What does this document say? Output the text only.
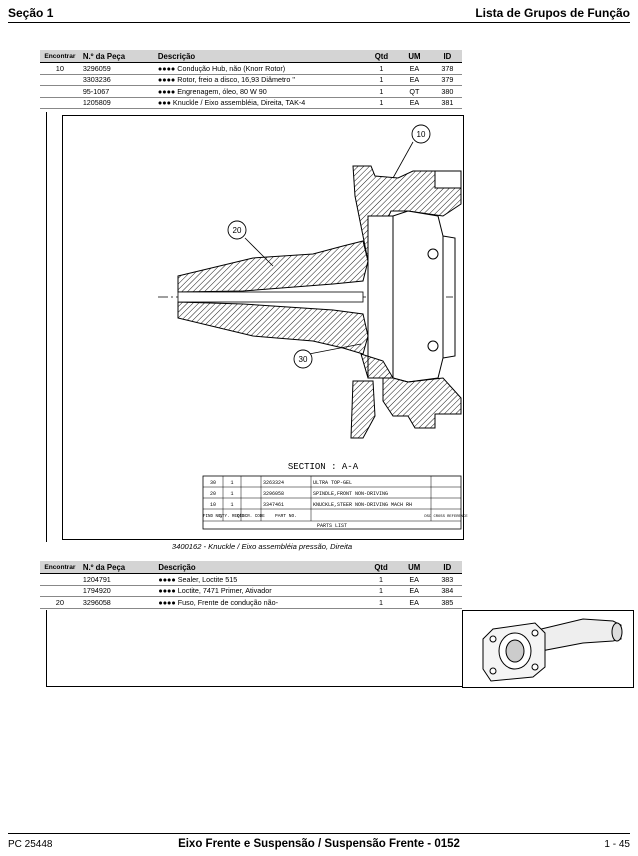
Seção 1	Lista de Grupos de Função
Encontrar	N.º da Peça	Descrição	Qtd	UM	ID
10	3296059	●●●● Condução Hub, não (Knorr Rotor)	1	EA	378
	3303236	●●●● Rotor, freio a disco, 16,93 Diâmetro "	1	EA	379
	95-1067	●●●● Engrenagem, óleo, 80 W 90	1	QT	380
	1205809	●●● Knuckle / Eixo assembléia, Direita, TAK-4	1	EA	381
10
20
30
SECTION : A-A
30	1	3263324	ULTRA TOP-GEL
20	1	3296058	SPINDLE,FRONT NON-DRIVING
10	1	3347461	KNUCKLE,STEER NON-DRIVING MACH RH
FIND NO.
QTY. REQ'D
DESCR. CODE PART NO.	DSC CROSS REFERENCE
PARTS LIST
3400162 - Knuckle / Eixo assembléia pressão, Direita
Encontrar	N.º da Peça	Descrição	Qtd	UM	ID
	1204791	●●●● Sealer, Loctite 515	1	EA	383
	1794920	●●●● Loctite, 7471 Primer, Ativador	1	EA	384
20	3296058	●●●● Fuso, Frente de condução não-	1	EA	385
PC 25448	Eixo Frente e Suspensão / Suspensão Frente - 0152	1 - 45
